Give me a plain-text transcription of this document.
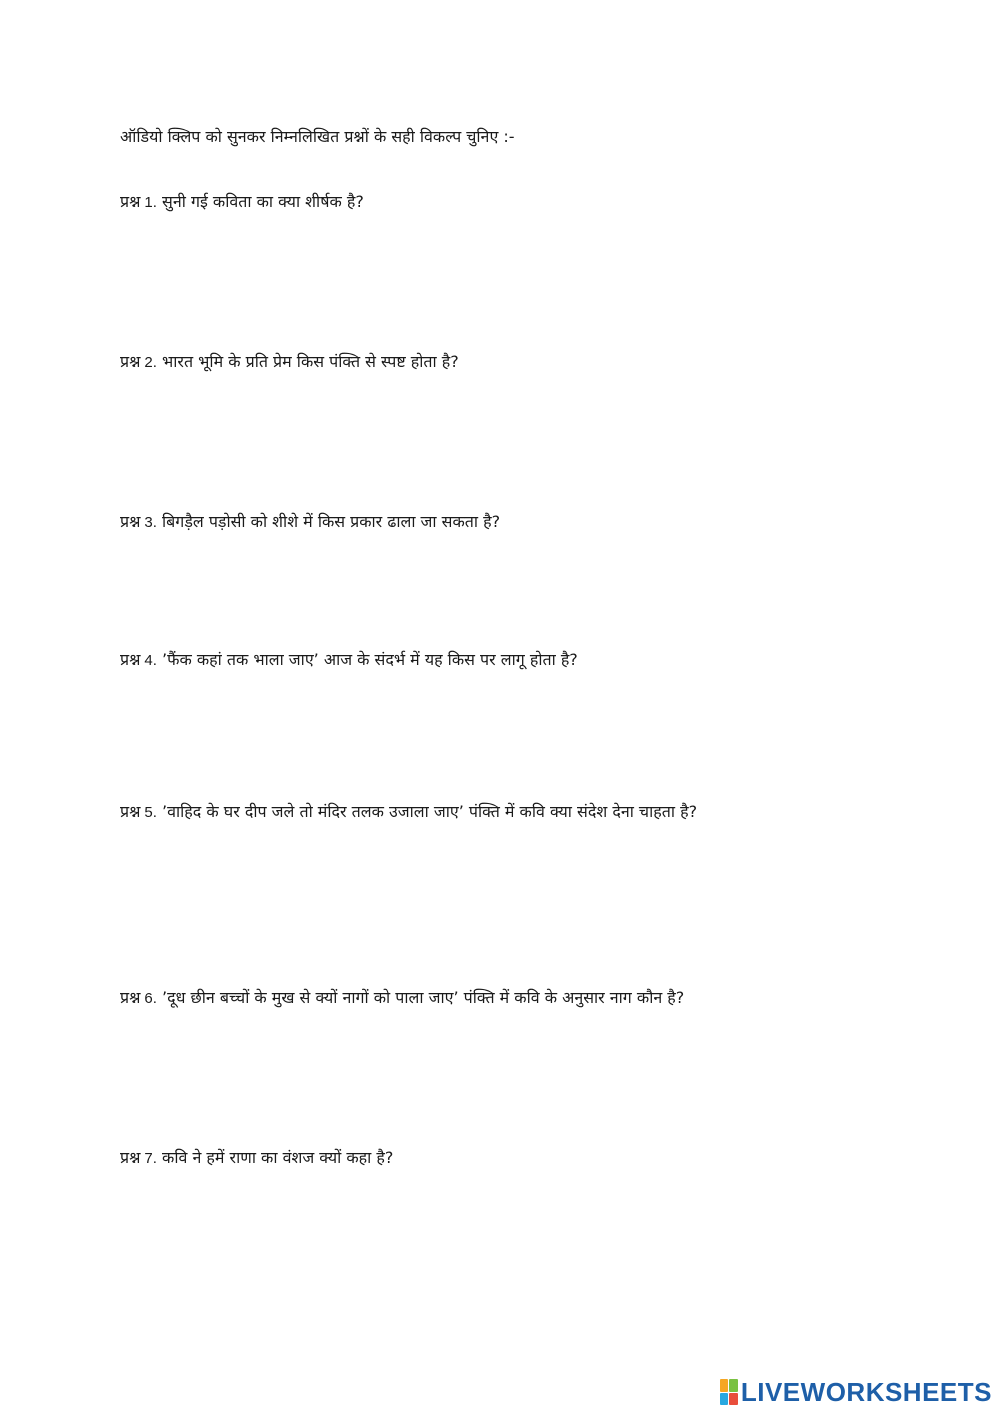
ऑडियो क्लिप को सुनकर निम्नलिखित प्रश्नों के सही विकल्प चुनिए :-
प्रश्न 1. सुनी गई कविता का क्या शीर्षक है?
प्रश्न 2. भारत भूमि के प्रति प्रेम किस पंक्ति से स्पष्ट होता है?
प्रश्न 3. बिगड़ैल पड़ोसी को शीशे में किस प्रकार ढाला जा सकता है?
प्रश्न 4. ’फैंक कहां तक भाला जाए’ आज के संदर्भ में यह किस पर लागू होता है?
प्रश्न 5. ’वाहिद के घर दीप जले तो मंदिर तलक उजाला जाए’ पंक्ति में कवि क्या संदेश देना चाहता है?
प्रश्न 6. ’दूध छीन बच्चों के मुख से क्यों नागों को पाला जाए’ पंक्ति में कवि के अनुसार नाग कौन है?
प्रश्न 7. कवि ने हमें राणा का वंशज क्यों कहा है?
LIVEWORKSHEETS
